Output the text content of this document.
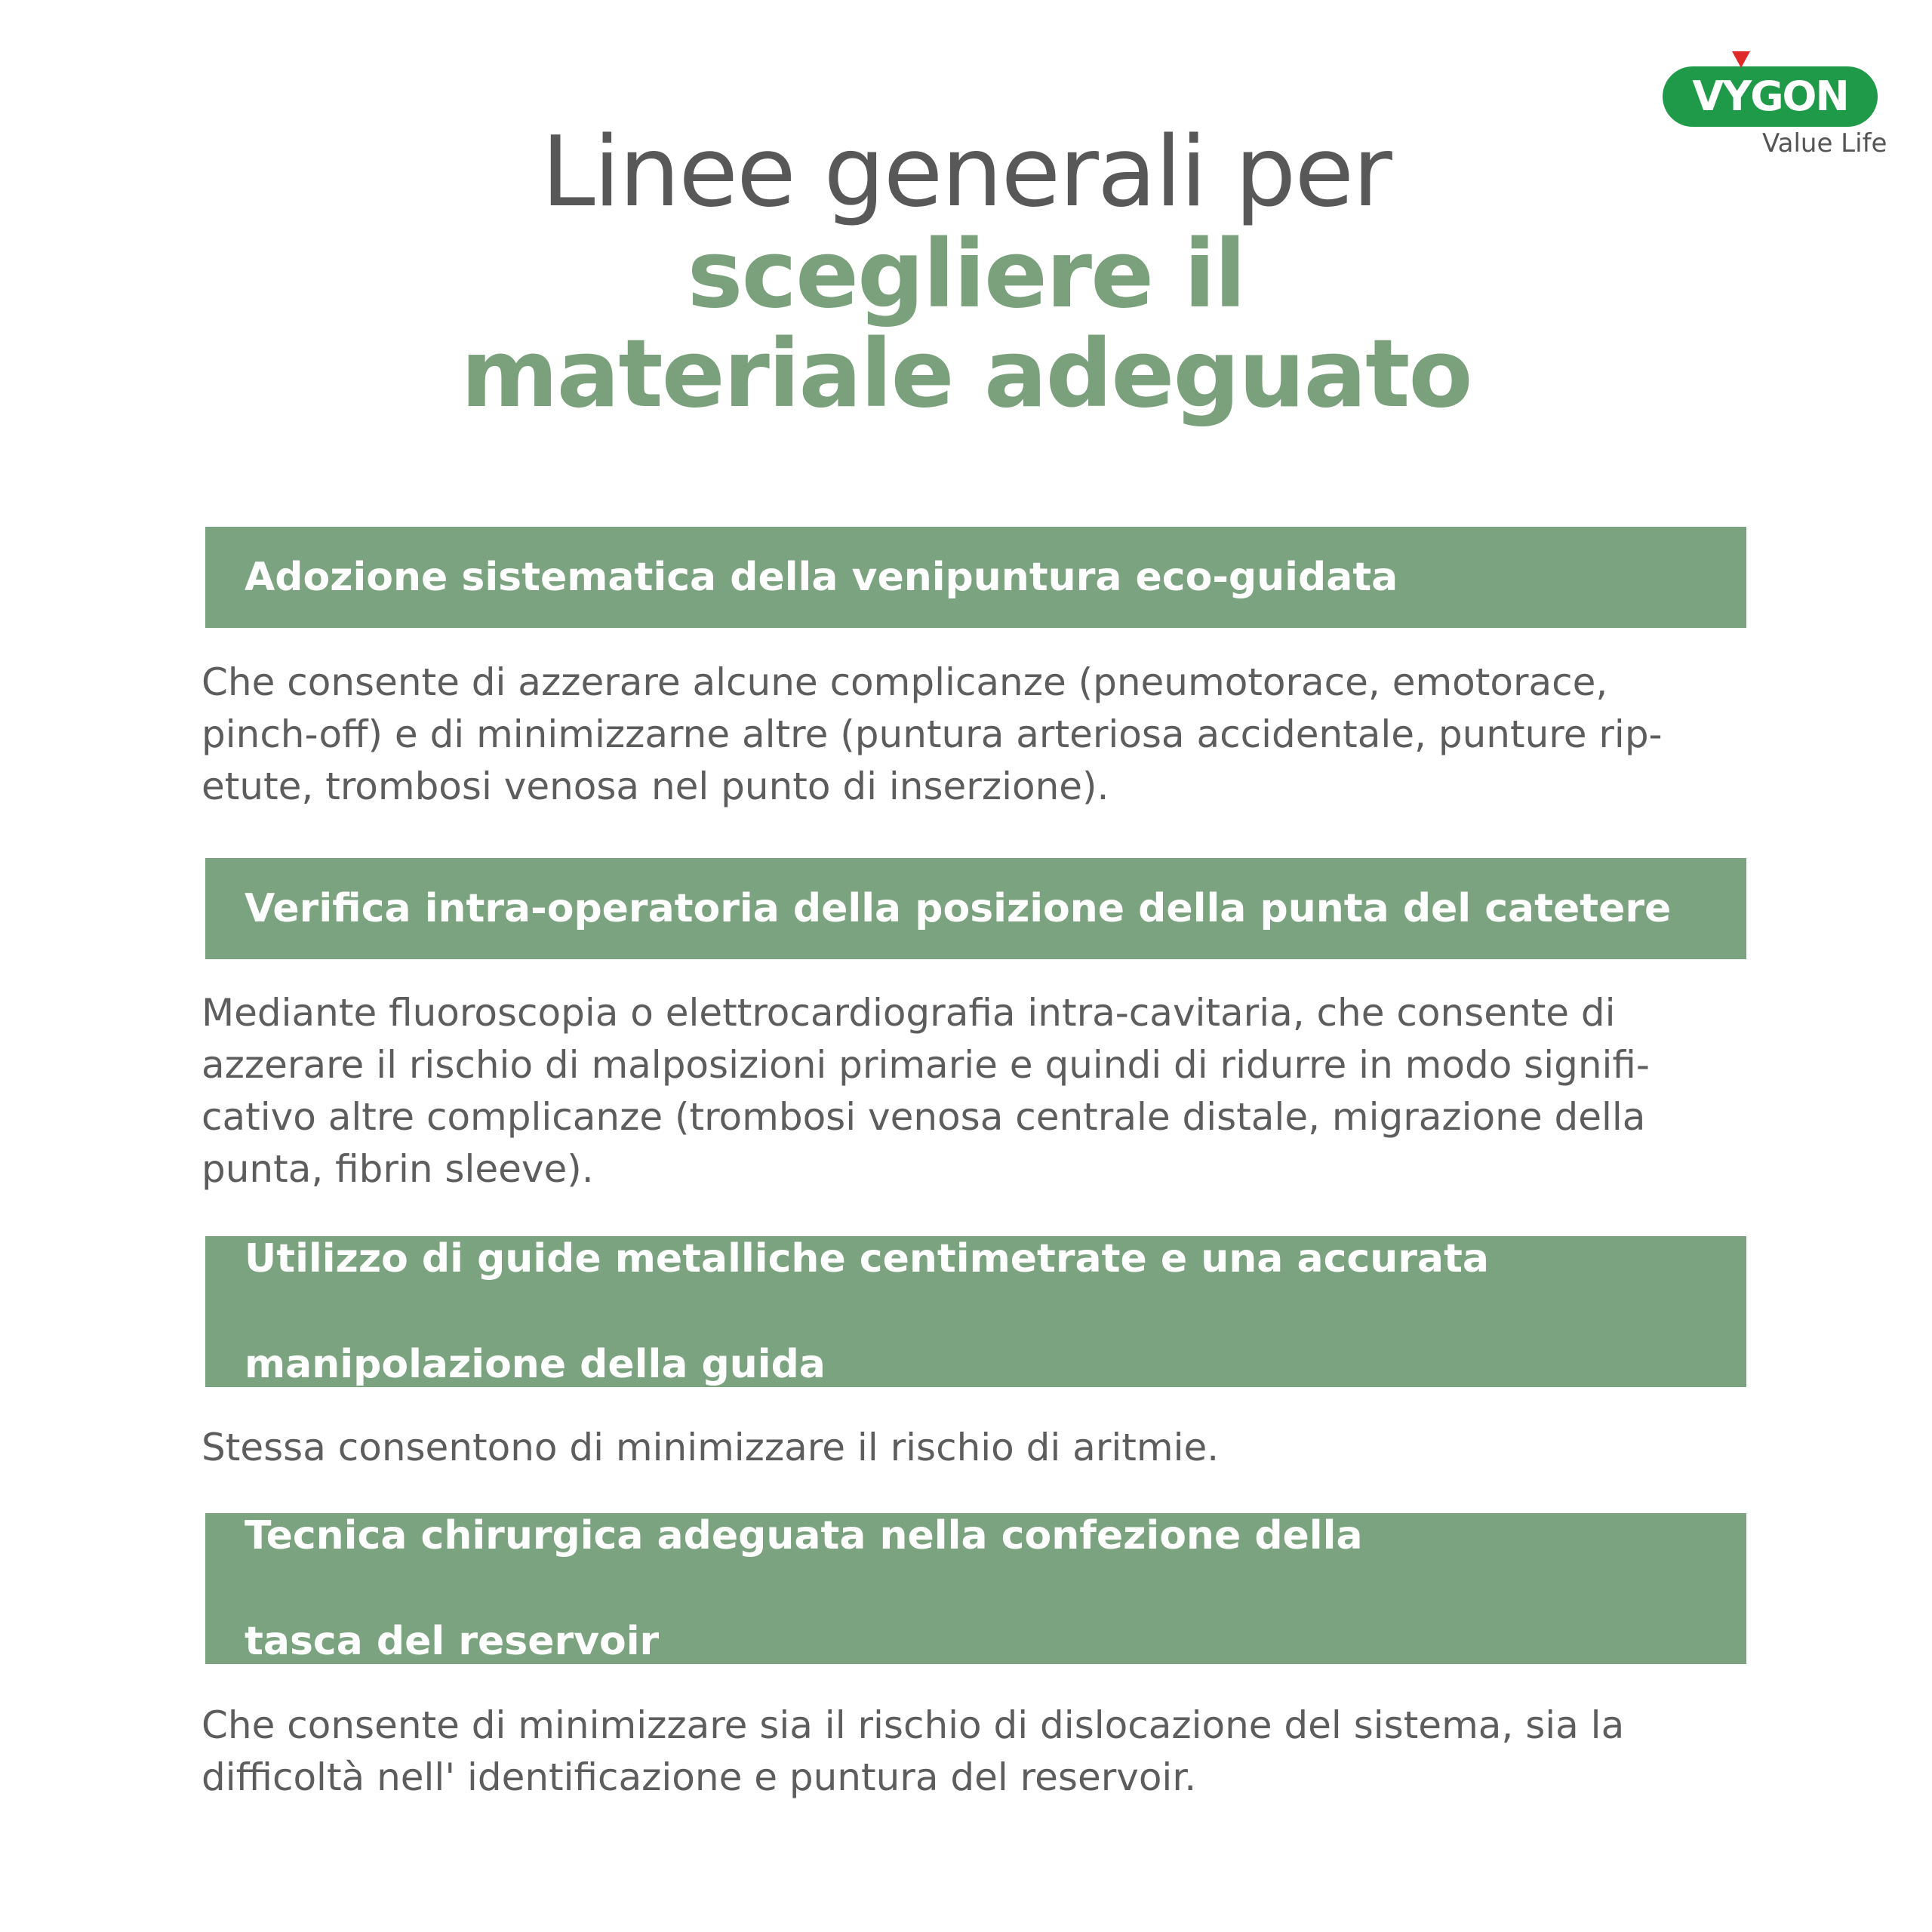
VYGON
Value Life
Linee generali per
scegliere il
materiale adeguato
Adozione sistematica della venipuntura eco-guidata
Che consente di azzerare alcune complicanze (pneumotorace, emotorace,
pinch-off) e di minimizzarne altre (puntura arteriosa accidentale, punture rip-
etute, trombosi venosa nel punto di inserzione).
Verifica intra-operatoria della posizione della punta del catetere
Mediante fluoroscopia o elettrocardiografia intra-cavitaria, che consente di
azzerare il rischio di malposizioni primarie e quindi di ridurre in modo signifi-
cativo altre complicanze (trombosi venosa centrale distale, migrazione della
punta, fibrin sleeve).

Utilizzo di guide metalliche centimetrate e una accurata

manipolazione della guida

Stessa consentono di minimizzare il rischio di aritmie.

Tecnica chirurgica adeguata nella confezione della

tasca del reservoir

Che consente di minimizzare sia il rischio di dislocazione del sistema, sia la
difficoltà nell' identificazione e puntura del reservoir.
